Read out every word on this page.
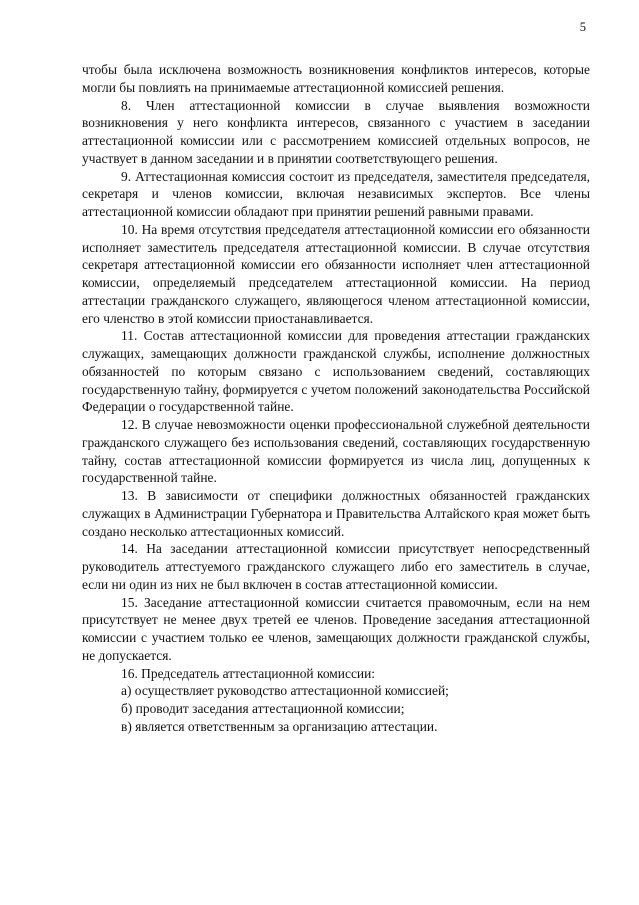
5

чтобы была исключена возможность возникновения конфликтов интересов, которые могли бы повлиять на принимаемые аттестационной комиссией решения.

8. Член аттестационной комиссии в случае выявления возможности возникновения у него конфликта интересов, связанного с участием в заседании аттестационной комиссии или с рассмотрением комиссией отдельных вопросов, не участвует в данном заседании и в принятии соответствующего решения.

9. Аттестационная комиссия состоит из председателя, заместителя председателя, секретаря и членов комиссии, включая независимых экспертов. Все члены аттестационной комиссии обладают при принятии решений равными правами.

10. На время отсутствия председателя аттестационной комиссии его обязанности исполняет заместитель председателя аттестационной комиссии. В случае отсутствия секретаря аттестационной комиссии его обязанности исполняет член аттестационной комиссии, определяемый председателем аттестационной комиссии. На период аттестации гражданского служащего, являющегося членом аттестационной комиссии, его членство в этой комиссии приостанавливается.

11. Состав аттестационной комиссии для проведения аттестации гражданских служащих, замещающих должности гражданской службы, исполнение должностных обязанностей по которым связано с использованием сведений, составляющих государственную тайну, формируется с учетом положений законодательства Российской Федерации о государственной тайне.

12. В случае невозможности оценки профессиональной служебной деятельности гражданского служащего без использования сведений, составляющих государственную тайну, состав аттестационной комиссии формируется из числа лиц, допущенных к государственной тайне.

13. В зависимости от специфики должностных обязанностей гражданских служащих в Администрации Губернатора и Правительства Алтайского края может быть создано несколько аттестационных комиссий.

14. На заседании аттестационной комиссии присутствует непосредственный руководитель аттестуемого гражданского служащего либо его заместитель в случае, если ни один из них не был включен в состав аттестационной комиссии.

15. Заседание аттестационной комиссии считается правомочным, если на нем присутствует не менее двух третей ее членов. Проведение заседания аттестационной комиссии с участием только ее членов, замещающих должности гражданской службы, не допускается.

16. Председатель аттестационной комиссии:

а) осуществляет руководство аттестационной комиссией;

б) проводит заседания аттестационной комиссии;

в) является ответственным за организацию аттестации.
